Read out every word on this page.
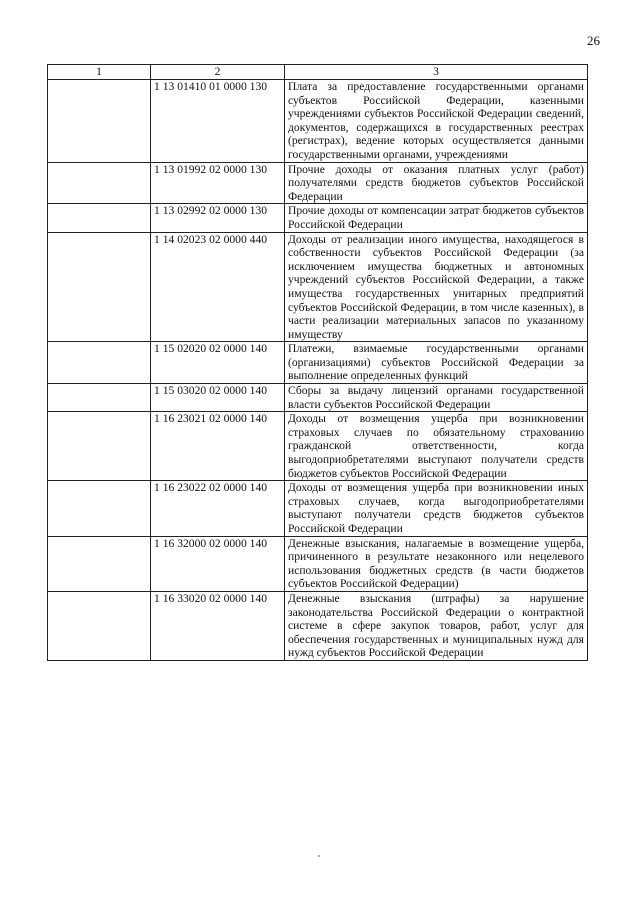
26
1	2	3
	1 13 01410 01 0000 130	Плата за предоставление государственными органами субъектов Российской Федерации, казенными учреждениями субъектов Российской Федерации сведений, документов, содержащихся в государственных реестрах (регистрах), ведение которых осуществляется данными государственными органами, учреждениями
	1 13 01992 02 0000 130	Прочие доходы от оказания платных услуг (работ) получателями средств бюджетов субъектов Российской Федерации
	1 13 02992 02 0000 130	Прочие доходы от компенсации затрат бюджетов субъектов Российской Федерации
	1 14 02023 02 0000 440	Доходы от реализации иного имущества, находящегося в собственности субъектов Российской Федерации (за исключением имущества бюджетных и автономных учреждений субъектов Российской Федерации, а также имущества государственных унитарных предприятий субъектов Российской Федерации, в том числе казенных), в части реализации материальных запасов по указанному имуществу
	1 15 02020 02 0000 140	Платежи, взимаемые государственными органами (организациями) субъектов Российской Федерации за выполнение определенных функций
	1 15 03020 02 0000 140	Сборы за выдачу лицензий органами государственной власти субъектов Российской Федерации
	1 16 23021 02 0000 140	Доходы от возмещения ущерба при возникновении страховых случаев по обязательному страхованию гражданской ответственности, когда выгодоприобретателями выступают получатели средств бюджетов субъектов Российской Федерации
	1 16 23022 02 0000 140	Доходы от возмещения ущерба при возникновении иных страховых случаев, когда выгодоприобретателями выступают получатели средств бюджетов субъектов Российской Федерации
	1 16 32000 02 0000 140	Денежные взыскания, налагаемые в возмещение ущерба, причиненного в результате незаконного или нецелевого использования бюджетных средств (в части бюджетов субъектов Российской Федерации)
	1 16 33020 02 0000 140	Денежные взыскания (штрафы) за нарушение законодательства Российской Федерации о контрактной системе в сфере закупок товаров, работ, услуг для обеспечения государственных и муниципальных нужд для нужд субъектов Российской Федерации
